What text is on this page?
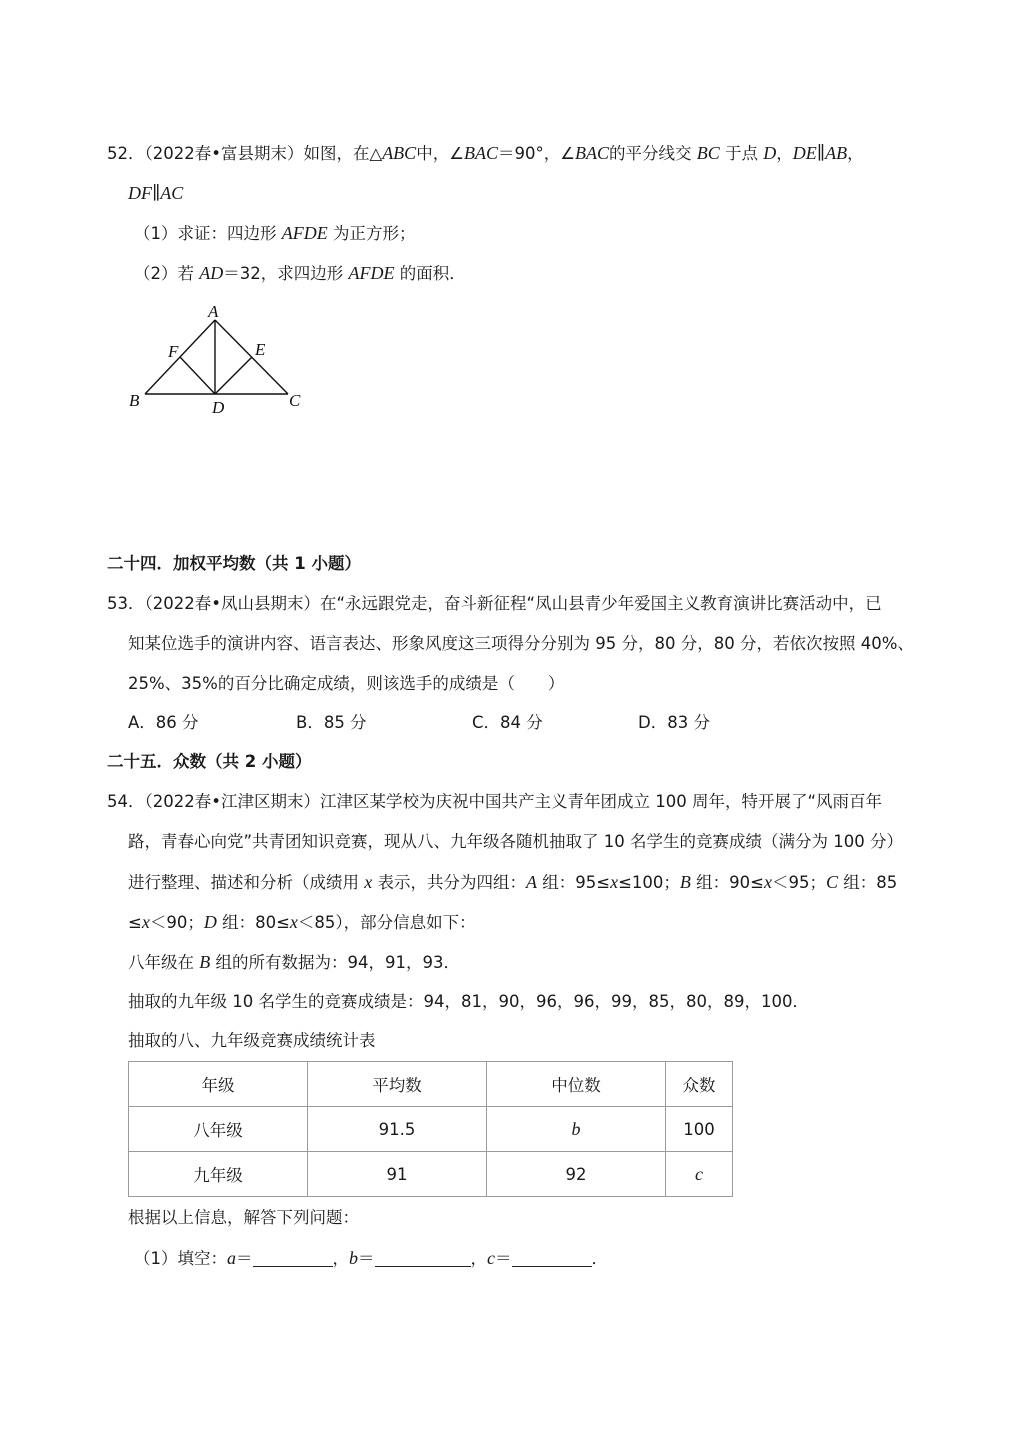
52．（2022春•富县期末）如图，在△ABC中，∠BAC＝90°，∠BAC的平分线交 BC 于点 D，DE∥AB，
DF∥AC
（1）求证：四边形 AFDE 为正方形；
（2）若 AD＝32，求四边形 AFDE 的面积．
A
F	E
B	D	C
二十四．加权平均数（共 1 小题）
53．（2022春•凤山县期末）在“永远跟党走，奋斗新征程“凤山县青少年爱国主义教育演讲比赛活动中，已
知某位选手的演讲内容、语言表达、形象风度这三项得分分别为 95 分，80 分，80 分，若依次按照 40%、
25%、35%的百分比确定成绩，则该选手的成绩是（　　）
A．86 分	B．85 分	C．84 分	D．83 分
二十五．众数（共 2 小题）
54．（2022春•江津区期末）江津区某学校为庆祝中国共产主义青年团成立 100 周年，特开展了“风雨百年
路，青春心向党”共青团知识竞赛，现从八、九年级各随机抽取了 10 名学生的竞赛成绩（满分为 100 分）
进行整理、描述和分析（成绩用 x 表示，共分为四组：A 组：95≤x≤100；B 组：90≤x＜95；C 组：85
≤x＜90；D 组：80≤x＜85），部分信息如下：
八年级在 B 组的所有数据为：94，91，93．
抽取的九年级 10 名学生的竞赛成绩是：94，81，90，96，96，99，85，80，89，100．
抽取的八、九年级竞赛成绩统计表
年级	平均数	中位数	众数
八年级	91.5	b	100
九年级	91	92	c
根据以上信息，解答下列问题：
（1）填空：a＝	，b＝	，c＝	．
